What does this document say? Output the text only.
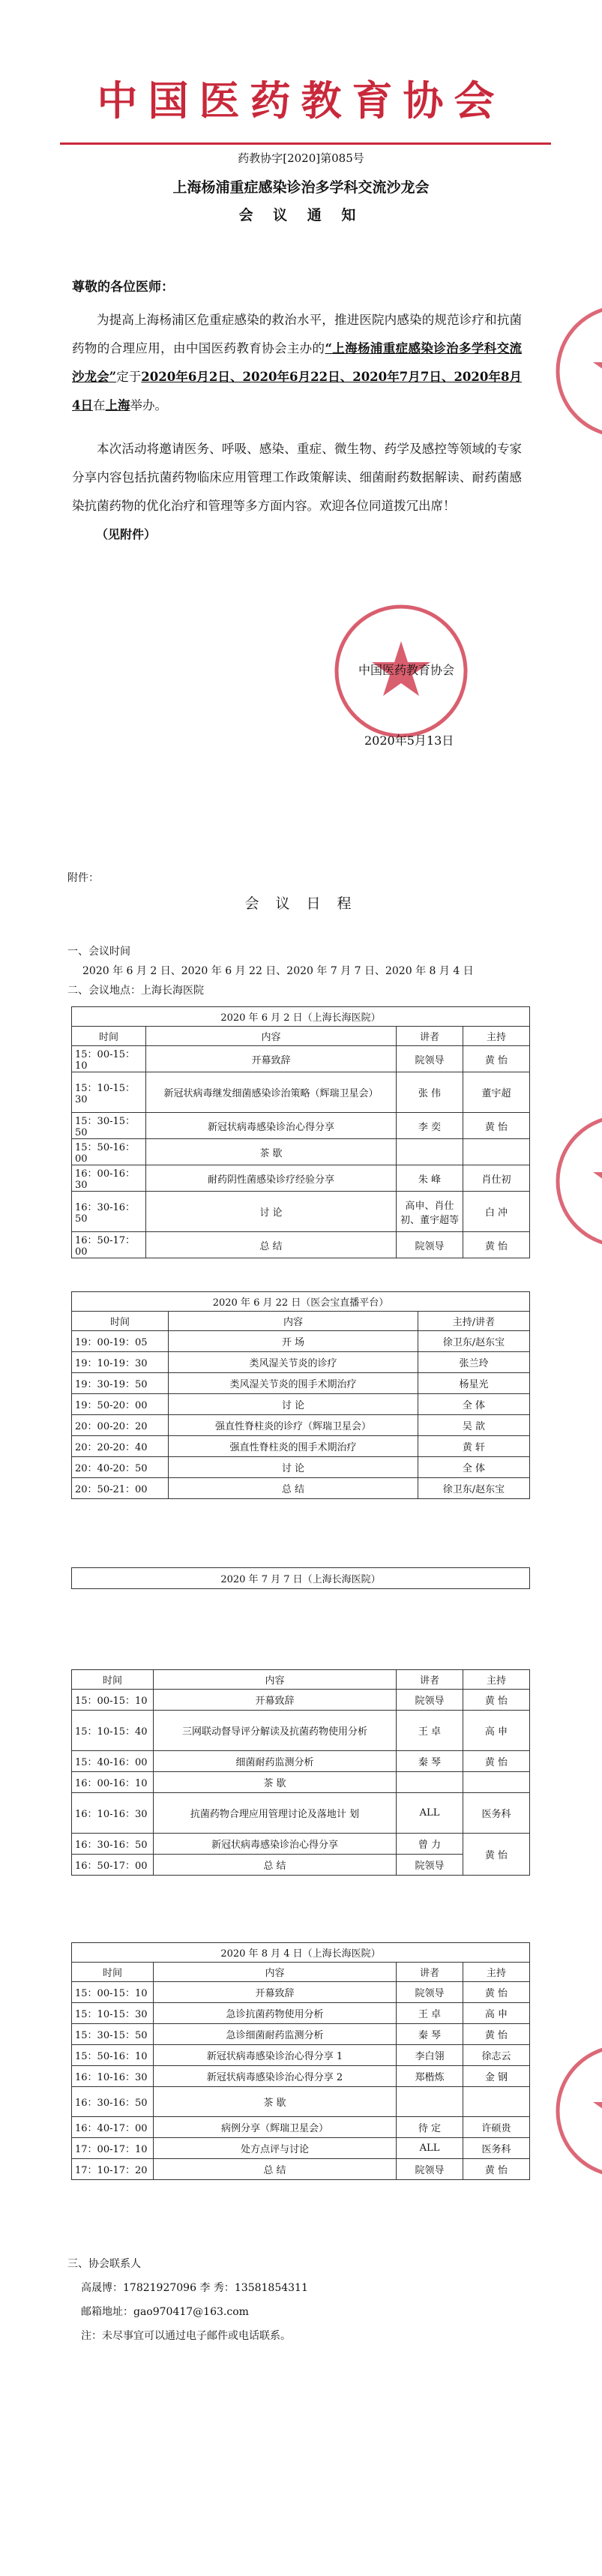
中国医药教育协会
药教协字[2020]第085号
上海杨浦重症感染诊治多学科交流沙龙会
会 议 通 知
尊敬的各位医师：
为提高上海杨浦区危重症感染的救治水平，推进医院内感染的规范诊疗和抗菌药物的合理应用，由中国医药教育协会主办的“上海杨浦重症感染诊治多学科交流沙龙会”定于2020年6月2日、2020年6月22日、2020年7月7日、2020年8月4日在上海举办。
本次活动将邀请医务、呼吸、感染、重症、微生物、药学及感控等领域的专家分享内容包括抗菌药物临床应用管理工作政策解读、细菌耐药数据解读、耐药菌感染抗菌药物的优化治疗和管理等多方面内容。欢迎各位同道拨冗出席！
（见附件）
中国医药教育协会
2020年5月13日
附件：
会 议 日 程
一、会议时间
2020 年 6 月 2 日、2020 年 6 月 22 日、2020 年 7 月 7 日、2020 年 8 月 4 日
二、会议地点：上海长海医院
2020 年 6 月 2 日（上海长海医院）			
时间	内容	讲者	主持
15：00-15：10	开幕致辞	院领导	黄 怡
15：10-15：30	新冠状病毒继发细菌感染诊治策略（辉瑞卫星会）	张 伟	董宇超
15：30-15：50	新冠状病毒感染诊治心得分享	李 奕	黄 怡
15：50-16：00	茶 歇		
16：00-16：30	耐药阴性菌感染诊疗经验分享	朱 峰	肖仕初
16：30-16：50	讨 论	高申、肖仕初、董宇超等	白 冲
16：50-17：00	总 结	院领导	黄 怡
2020 年 6 月 22 日（医会宝直播平台）		
时间	内容	主持/讲者
19：00-19：05	开 场	徐卫东/赵东宝
19：10-19：30	类风湿关节炎的诊疗	张兰玲
19：30-19：50	类风湿关节炎的围手术期治疗	杨星光
19：50-20：00	讨 论	全 体
20：00-20：20	强直性脊柱炎的诊疗（辉瑞卫星会）	吴 歆
20：20-20：40	强直性脊柱炎的围手术期治疗	黄 轩
20：40-20：50	讨 论	全 体
20：50-21：00	总 结	徐卫东/赵东宝
2020 年 7 月 7 日（上海长海医院）
时间	内容	讲者	主持
15：00-15：10	开幕致辞	院领导	黄 怡
15：10-15：40	三网联动督导评分解读及抗菌药物使用分析	王 卓	高 申
15：40-16：00	细菌耐药监测分析	秦 琴	黄 怡
16：00-16：10	茶 歇		
16：10-16：30	抗菌药物合理应用管理讨论及落地计 划	ALL	医务科
16：30-16：50	新冠状病毒感染诊治心得分享	曾 力	黄 怡
16：50-17：00	总 结	院领导	
2020 年 8 月 4 日（上海长海医院）			
时间	内容	讲者	主持
15：00-15：10	开幕致辞	院领导	黄 怡
15：10-15：30	急诊抗菌药物使用分析	王 卓	高 申
15：30-15：50	急诊细菌耐药监测分析	秦 琴	黄 怡
15：50-16：10	新冠状病毒感染诊治心得分享 1	李白翎	徐志云
16：10-16：30	新冠状病毒感染诊治心得分享 2	郑楷炼	金 钢
16：30-16：50	茶 歇		
16：40-17：00	病例分享（辉瑞卫星会）	待 定	许硕贵
17：00-17：10	处方点评与讨论	ALL	医务科
17：10-17：20	总 结	院领导	黄 怡
三、协会联系人
高晟博：17821927096 李 秀：13581854311
邮箱地址：gao970417@163.com
注：未尽事宜可以通过电子邮件或电话联系。
